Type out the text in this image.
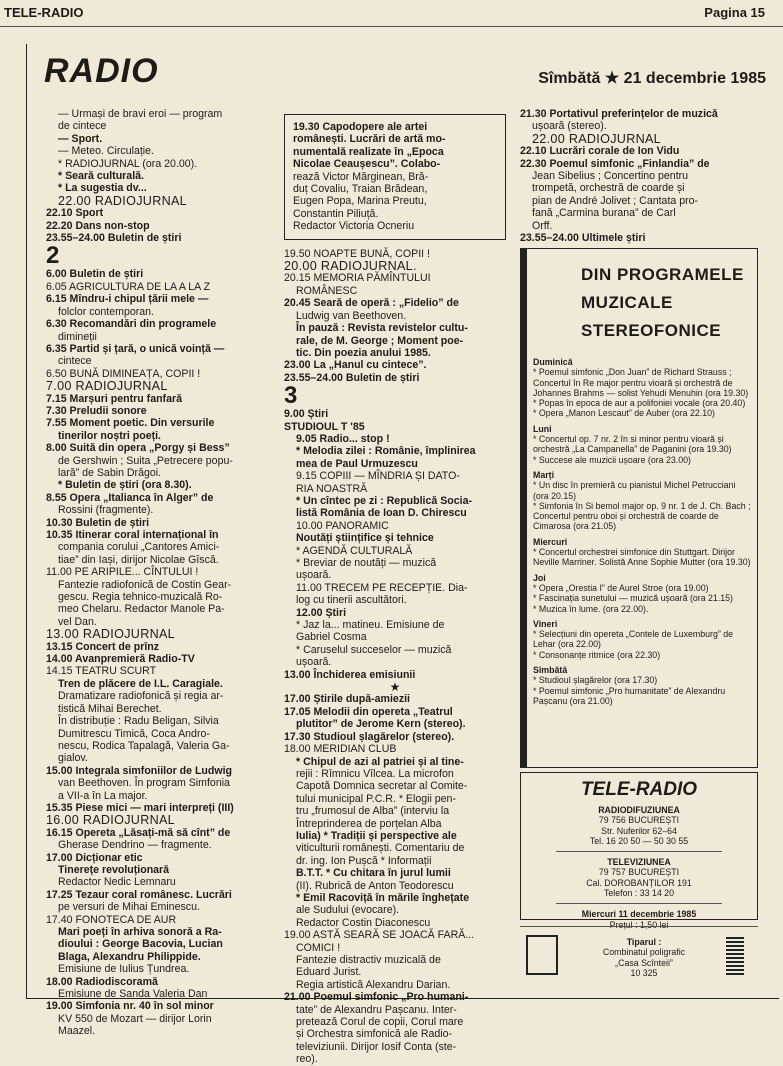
TELE-RADIO	Pagina 15
RADIO	Sîmbătă ★ 21 decembrie 1985

— Urmași de bravi eroi — program

de cintece

— Sport.

— Meteo. Circulație.

* RADIOJURNAL (ora 20.00).

* Seară culturală.

* La sugestia dv...

22.00 RADIOJURNAL

22.10 Sport

22.20 Dans non-stop

23.55–24.00 Buletin de știri

2

6.00 Buletin de știri

6.05 AGRICULTURA DE LA A LA Z

6.15 Mîndru-i chipul țării mele —

folclor contemporan.

6.30 Recomandări din programele

dimineții

6.35 Partid și țară, o unică voință —

cintece

6.50 BUNĂ DIMINEAȚA, COPII !

7.00 RADIOJURNAL

7.15 Marșuri pentru fanfară

7.30 Preludii sonore

7.55 Moment poetic. Din versurile

tinerilor noștri poeți.

8.00 Suită din opera „Porgy și Bess”

de Gershwin ; Suita „Petrecere popu-

lară” de Sabin Drăgoi.

* Buletin de știri (ora 8.30).

8.55 Opera „Italianca în Alger” de

Rossini (fragmente).

10.30 Buletin de știri

10.35 Itinerar coral internațional în

compania corului „Cantores Amici-

tiae” din Iași, dirijor Nicolae Gîscă.

11.00 PE ARIPILE... CÎNTULUI !

Fantezie radiofonică de Costin Gear-

gescu. Regia tehnico-muzicală Ro-

meo Chelaru. Redactor Manole Pa-

vel Dan.

13.00 RADIOJURNAL

13.15 Concert de prînz

14.00 Avanpremieră Radio-TV

14.15 TEATRU SCURT

Tren de plăcere de I.L. Caragiale.

Dramatizare radiofonică și regia ar-

tistică Mihai Berechet.

În distribuție : Radu Beligan, Silvia

Dumitrescu Timică, Coca Andro-

nescu, Rodica Tapalagă, Valeria Ga-

gialov.

15.00 Integrala simfoniilor de Ludwig

van Beethoven. În program Simfonia

a VII-a în La major.

15.35 Piese mici — mari interpreți (III)

16.00 RADIOJURNAL

16.15 Opereta „Lăsați-mă să cînt” de

Gherase Dendrino — fragmente.

17.00 Dicționar etic

Tinerețe revoluționară

Redactor Nedic Lemnaru

17.25 Tezaur coral românesc. Lucrări

pe versuri de Mihai Eminescu.

17.40 FONOTECA DE AUR

Mari poeți în arhiva sonoră a Ra-

dioului : George Bacovia, Lucian

Blaga, Alexandru Philippide.

Emisiune de Iulius Țundrea.

18.00 Radiodiscoramă

Emisiune de Sanda Valeria Dan

19.00 Simfonia nr. 40 în sol minor

KV 550 de Mozart — dirijor Lorin

Maazel.

19.30 Capodopere ale artei

românești. Lucrări de artă mo-

numentală realizate în „Epoca

Nicolae Ceaușescu”. Colabo-

rează Victor Mărginean, Bră-

duț Covaliu, Traian Brădean,

Eugen Popa, Marina Preutu,

Constantin Piliuță.

Redactor Victoria Ocneriu

19.50 NOAPTE BUNĂ, COPII !

20.00 RADIOJURNAL.

20.15 MEMORIA PĂMÎNTULUI

ROMÂNESC

20.45 Seară de operă : „Fidelio” de

Ludwig van Beethoven.

În pauză : Revista revistelor cultu-

rale, de M. George ; Moment poe-

tic. Din poezia anului 1985.

23.00 La „Hanul cu cintece”.

23.55–24.00 Buletin de știri

3

9.00 Știri

STUDIOUL T '85

9.05 Radio... stop !

* Melodia zilei : Românie, împlinirea

mea de Paul Urmuzescu

9.15 COPIII — MÎNDRIA ȘI DATO-

RIA NOASTRĂ

* Un cîntec pe zi : Republică Socia-

listă România de Ioan D. Chirescu

10.00 PANORAMIC

Noutăți științifice și tehnice

* AGENDĂ CULTURALĂ

* Breviar de noutăți — muzică

ușoară.

11.00 TRECEM PE RECEPȚIE. Dia-

log cu tinerii ascultători.

12.00 Știri

* Jaz la... matineu. Emisiune de

Gabriel Cosma

* Caruselul succeselor — muzică

ușoară.

13.00 Închiderea emisiunii

★

17.00 Știrile după-amiezii

17.05 Melodii din opereta „Teatrul

plutitor” de Jerome Kern (stereo).

17.30 Studioul șlagărelor (stereo).

18.00 MERIDIAN CLUB

* Chipul de azi al patriei și al tine-

rejii : Rîmnicu Vîlcea. La microfon

Capotă Domnica secretar al Comite-

tului municipal P.C.R. * Elogii pen-

tru „frumosul de Alba” (interviu la

Întreprinderea de porțelan Alba

Iulia) * Tradiții și perspective ale

viticulturii românești. Comentariu de

dr. ing. Ion Pușcă * Informații

B.T.T. * Cu chitara în jurul lumii

(II). Rubrică de Anton Teodorescu

* Emil Racoviță în mările înghețate

ale Sudului (evocare).

Redactor Costin Diaconescu

19.00 ASTĂ SEARĂ SE JOACĂ FARĂ...

COMICI !

Fantezie distractiv muzicală de

Eduard Jurist.

Regia artistică Alexandru Darian.

21.00 Poemul simfonic „Pro humani-

tate” de Alexandru Pașcanu. Inter-

pretează Corul de copii, Corul mare

și Orchestra simfonică ale Radio-

televiziunii. Dirijor Iosif Conta (ste-

reo).

21.30 Portativul preferințelor de muzică

ușoară (stereo).

22.00 RADIOJURNAL

22.10 Lucrări corale de Ion Vidu

22.30 Poemul simfonic „Finlandia” de

Jean Sibelius ; Concertino pentru

trompetă, orchestră de coarde și

pian de André Jolivet ; Cantata pro-

fană „Carmina burana” de Carl

Orff.

23.55–24.00 Ultimele știri

DIN PROGRAMELE
MUZICALE
STEREOFONICE

Duminică

* Poemul simfonic „Don Juan” de Richard Strauss ; Concertul în Re major pentru vioară și orchestră de Johannes Brahms — solist Yehudi Menuhin (ora 19.30)

* Popas în epoca de aur a polifoniei vocale (ora 20.40)

* Opera „Manon Lescaut” de Auber (ora 22.10)

Luni

* Concertul op. 7 nr. 2 în si minor pentru vioară și orchestră „La Campanella” de Paganini (ora 19.30)

* Succese ale muzicii ușoare (ora 23.00)

Marți

* Un disc în premieră cu pianistul Michel Petrucciani (ora 20.15)

* Simfonia în Si bemol major op. 9 nr. 1 de J. Ch. Bach ; Concertul pentru oboi și orchestră de coarde de Cimarosa (ora 21.05)

Miercuri

* Concertul orchestrei simfonice din Stuttgart. Dirijor Neville Marriner. Solistă Anne Sophie Mutter (ora 19.30)

Joi

* Opera „Orestia I” de Aurel Stroe (ora 19.00)

* Fascinația sunetului — muzică ușoară (ora 21.15)

* Muzica în lume. (ora 22.00).

Vineri

* Selecțiuni din opereta „Contele de Luxemburg” de Lehar (ora 22.00)

* Consonanțe ritmice (ora 22.30)

Sîmbătă

* Studioul șlagărelor (ora 17.30)

* Poemul simfonic „Pro humanitate” de Alexandru Pașcanu (ora 21.00)

TELE-RADIO

RADIODIFUZIUNEA

79 756 BUCUREȘTI

Str. Nuferilor 62–64

Tel. 16 20 50 — 50 30 55

TELEVIZIUNEA

79 757 BUCUREȘTI

Cal. DOROBANȚILOR 191

Telefon : 33 14 20

Miercuri 11 decembrie 1985

Prețul : 1,50 lei

Tiparul :

Combinatul poligrafic

„Casa Scînteii”

10 325
